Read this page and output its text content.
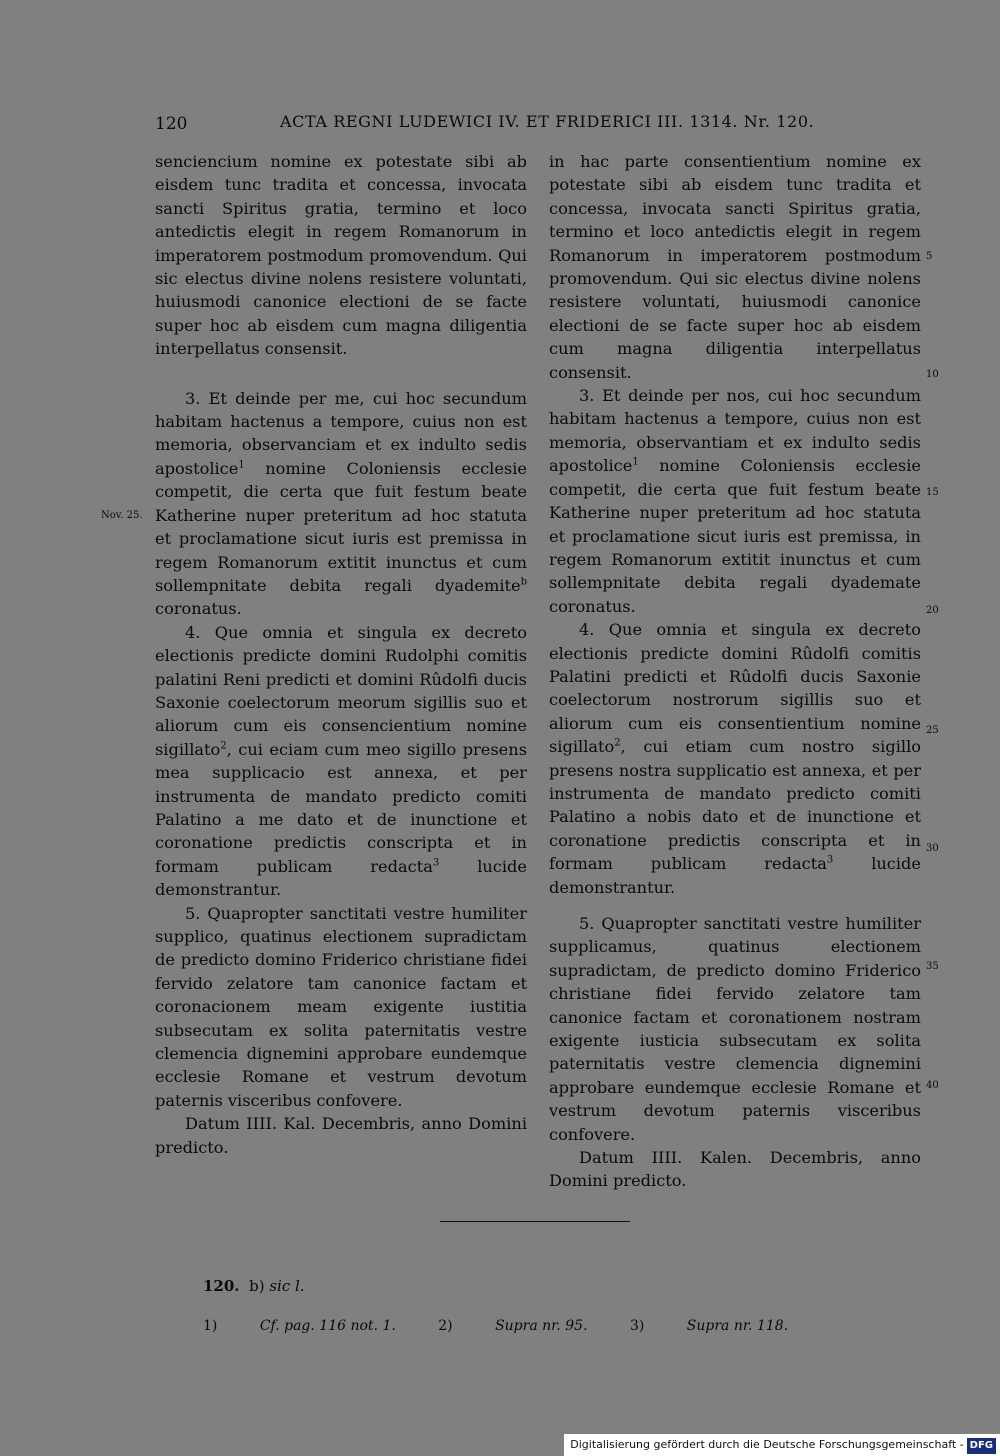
120	ACTA REGNI LUDEWICI IV. ET FRIDERICI III. 1314. Nr. 120.

senciencium nomine ex potestate sibi ab eisdem tunc tradita et concessa, invocata sancti Spiritus gratia, termino et loco antedictis elegit in regem Romanorum in imperatorem postmodum promovendum. Qui sic electus divine nolens resistere voluntati, huiusmodi canonice electioni de se facte super hoc ab eisdem cum magna diligentia interpellatus consensit.

3. Et deinde per me, cui hoc secundum habitam hactenus a tempore, cuius non est memoria, observanciam et ex indulto sedis apostolice$^1$ nomine Coloniensis ecclesie competit, die certa que fuit festum beate Katherine nuper preteritum ad hoc statuta et proclamatione sicut iuris est premissa in regem Romanorum extitit inunctus et cum sollempnitate debita regali dyademite$^b$ coronatus.

4. Que omnia et singula ex decreto electionis predicte domini Rudolphi comitis palatini Reni predicti et domini Rûdolfi ducis Saxonie coelectorum meorum sigillis suo et aliorum cum eis consencientium nomine sigillato$^2$, cui eciam cum meo sigillo presens mea supplicacio est annexa, et per instrumenta de mandato predicto comiti Palatino a me dato et de inunctione et coronatione predictis conscripta et in formam publicam redacta$^3$ lucide demonstrantur.

5. Quapropter sanctitati vestre humiliter supplico, quatinus electionem supradictam de predicto domino Friderico christiane fidei fervido zelatore tam canonice factam et coronacionem meam exigente iustitia subsecutam ex solita paternitatis vestre clemencia dignemini approbare eundemque ecclesie Romane et vestrum devotum paternis visceribus confovere.

Datum IIII. Kal. Decembris, anno Domini predicto.

in hac parte consentientium nomine ex potestate sibi ab eisdem tunc tradita et concessa, invocata sancti Spiritus gratia, termino et loco antedictis elegit in regem Romanorum in imperatorem postmodum promovendum. Qui sic electus divine nolens resistere voluntati, huiusmodi canonice electioni de se facte super hoc ab eisdem cum magna diligentia interpellatus consensit.

3. Et deinde per nos, cui hoc secundum habitam hactenus a tempore, cuius non est memoria, observantiam et ex indulto sedis apostolice$^1$ nomine Coloniensis ecclesie competit, die certa que fuit festum beate Katherine nuper preteritum ad hoc statuta et proclamatione sicut iuris est premissa, in regem Romanorum extitit inunctus et cum sollempnitate debita regali dyademate coronatus.

4. Que omnia et singula ex decreto electionis predicte domini Rûdolfi comitis Palatini predicti et Rûdolfi ducis Saxonie coelectorum nostrorum sigillis suo et aliorum cum eis consentientium nomine sigillato$^2$, cui etiam cum nostro sigillo presens nostra supplicatio est annexa, et per instrumenta de mandato predicto comiti Palatino a nobis dato et de inunctione et coronatione predictis conscripta et in formam publicam redacta$^3$ lucide demonstrantur.

5. Quapropter sanctitati vestre humiliter supplicamus, quatinus electionem supradictam, de predicto domino Friderico christiane fidei fervido zelatore tam canonice factam et coronationem nostram exigente iusticia subsecutam ex solita paternitatis vestre clemencia dignemini approbare eundemque ecclesie Romane et vestrum devotum paternis visceribus confovere.

Datum IIII. Kalen. Decembris, anno Domini predicto.

Nov. 25.
5
10
15
20
25
30
35
40
120. b) sic l.
1)	Cf. pag. 116 not. 1.	2)	Supra nr. 95.	3)	Supra nr. 118.
Digitalisierung gefördert durch die Deutsche Forschungsgemeinschaft - DFG
